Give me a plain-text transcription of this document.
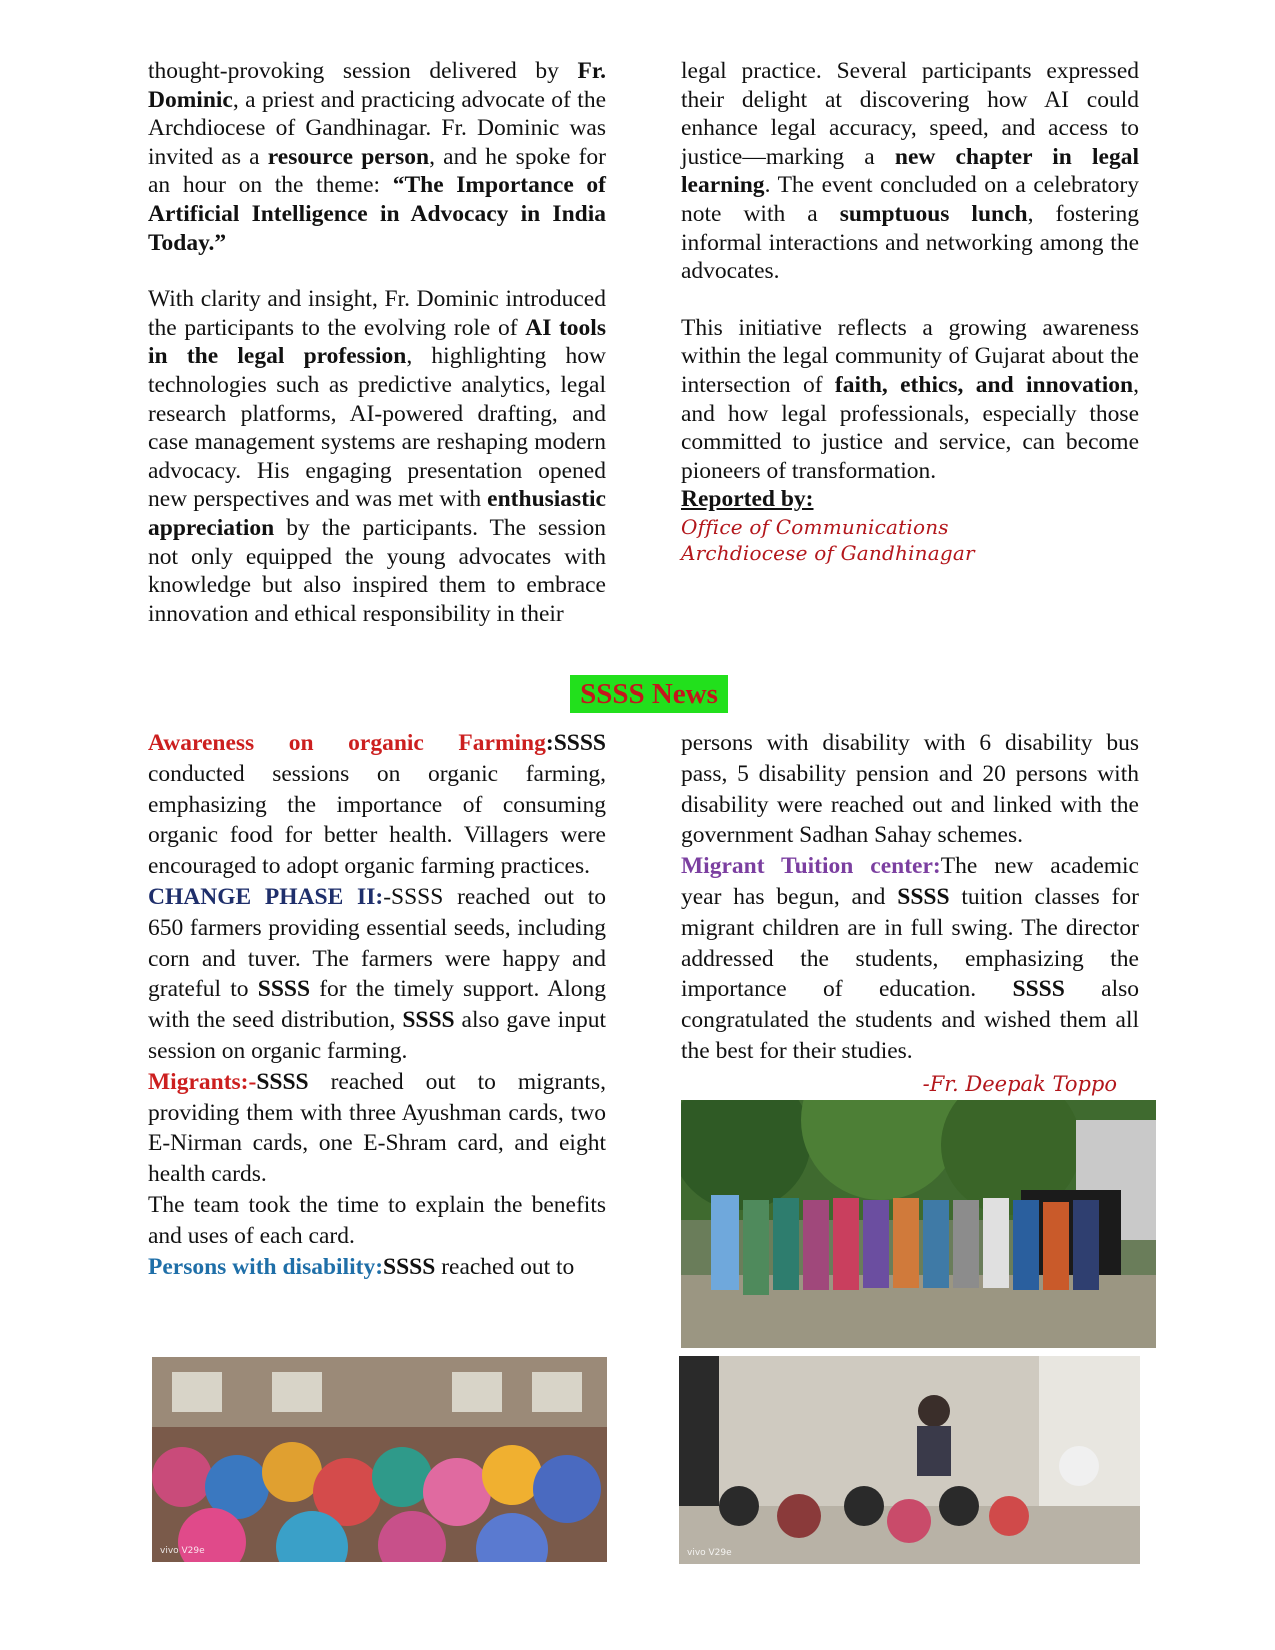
thought-provoking session delivered by Fr. Dominic, a priest and practicing advocate of the Archdiocese of Gandhinagar. Fr. Dominic was invited as a resource person, and he spoke for an hour on the theme: “The Importance of Artificial Intelligence in Advocacy in India Today.”

With clarity and insight, Fr. Dominic introduced the participants to the evolving role of AI tools in the legal profession, highlighting how technologies such as predictive analytics, legal research platforms, AI-powered drafting, and case management systems are reshaping modern advocacy. His engaging presentation opened new perspectives and was met with enthusiastic appreciation by the participants. The session not only equipped the young advocates with knowledge but also inspired them to embrace innovation and ethical responsibility in their

legal practice. Several participants expressed their delight at discovering how AI could enhance legal accuracy, speed, and access to justice—marking a new chapter in legal learning. The event concluded on a celebratory note with a sumptuous lunch, fostering informal interactions and networking among the advocates.

This initiative reflects a growing awareness within the legal community of Gujarat about the intersection of faith, ethics, and innovation, and how legal professionals, especially those committed to justice and service, can become pioneers of transformation.

Reported by:

Office of Communications

Archdiocese of Gandhinagar

SSSS News

Awareness on organic Farming:SSSS conducted sessions on organic farming, emphasizing the importance of consuming organic food for better health. Villagers were encouraged to adopt organic farming practices.

CHANGE PHASE II:-SSSS reached out to 650 farmers providing essential seeds, including corn and tuver. The farmers were happy and grateful to SSSS for the timely support. Along with the seed distribution, SSSS also gave input session on organic farming.

Migrants:-SSSS reached out to migrants, providing them with three Ayushman cards, two E-Nirman cards, one E-Shram card, and eight health cards.

The team took the time to explain the benefits and uses of each card.

Persons with disability:SSSS reached out to

persons with disability with 6 disability bus pass, 5 disability pension and 20 persons with disability were reached out and linked with the government Sadhan Sahay schemes.

Migrant Tuition center:The new academic year has begun, and SSSS tuition classes for migrant children are in full swing. The director addressed the students, emphasizing the importance of education. SSSS also congratulated the students and wished them all the best for their studies.

-Fr. Deepak Toppo
vivo V29e	vivo V29e
